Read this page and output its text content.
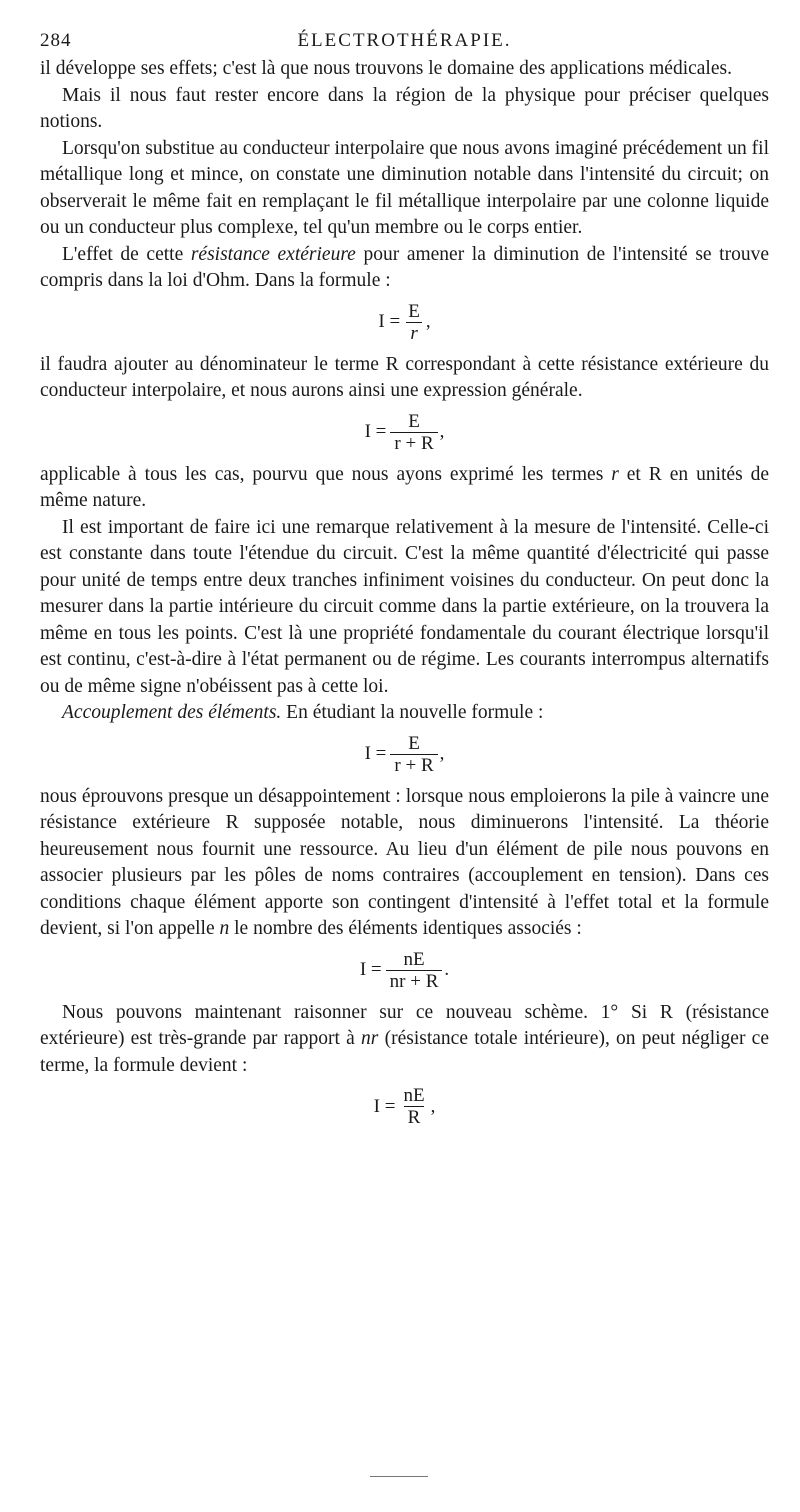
284	ÉLECTROTHÉRAPIE.

il développe ses effets; c'est là que nous trouvons le domaine des applications médicales.

Mais il nous faut rester encore dans la région de la physique pour préciser quelques notions.

Lorsqu'on substitue au conducteur interpolaire que nous avons imaginé précédement un fil métallique long et mince, on constate une diminution notable dans l'intensité du circuit; on observerait le même fait en remplaçant le fil métallique interpolaire par une colonne liquide ou un conducteur plus complexe, tel qu'un membre ou le corps entier.

L'effet de cette résistance extérieure pour amener la diminution de l'intensité se trouve compris dans la loi d'Ohm. Dans la formule :

$I = \frac{E}{r}$ ,

il faudra ajouter au dénominateur le terme R correspondant à cette résistance extérieure du conducteur interpolaire, et nous aurons ainsi une expression générale.

$I = \frac{E}{r + R}$ ,

applicable à tous les cas, pourvu que nous ayons exprimé les termes r et R en unités de même nature.

Il est important de faire ici une remarque relativement à la mesure de l'intensité. Celle-ci est constante dans toute l'étendue du circuit. C'est la même quantité d'électricité qui passe pour unité de temps entre deux tranches infiniment voisines du conducteur. On peut donc la mesurer dans la partie intérieure du circuit comme dans la partie extérieure, on la trouvera la même en tous les points. C'est là une propriété fondamentale du courant électrique lorsqu'il est continu, c'est-à-dire à l'état permanent ou de régime. Les courants interrompus alternatifs ou de même signe n'obéissent pas à cette loi.

Accouplement des éléments. En étudiant la nouvelle formule :

$I = \frac{E}{r + R}$ ,

nous éprouvons presque un désappointement : lorsque nous emploierons la pile à vaincre une résistance extérieure R supposée notable, nous diminuerons l'intensité. La théorie heureusement nous fournit une ressource. Au lieu d'un élément de pile nous pouvons en associer plusieurs par les pôles de noms contraires (accouplement en tension). Dans ces conditions chaque élément apporte son contingent d'intensité à l'effet total et la formule devient, si l'on appelle n le nombre des éléments identiques associés :

$I = \frac{nE}{nr + R}$ .

Nous pouvons maintenant raisonner sur ce nouveau schème. 1° Si R (résistance extérieure) est très-grande par rapport à nr (résistance totale intérieure), on peut négliger ce terme, la formule devient :

$I = \frac{nE}{R}$ ,
